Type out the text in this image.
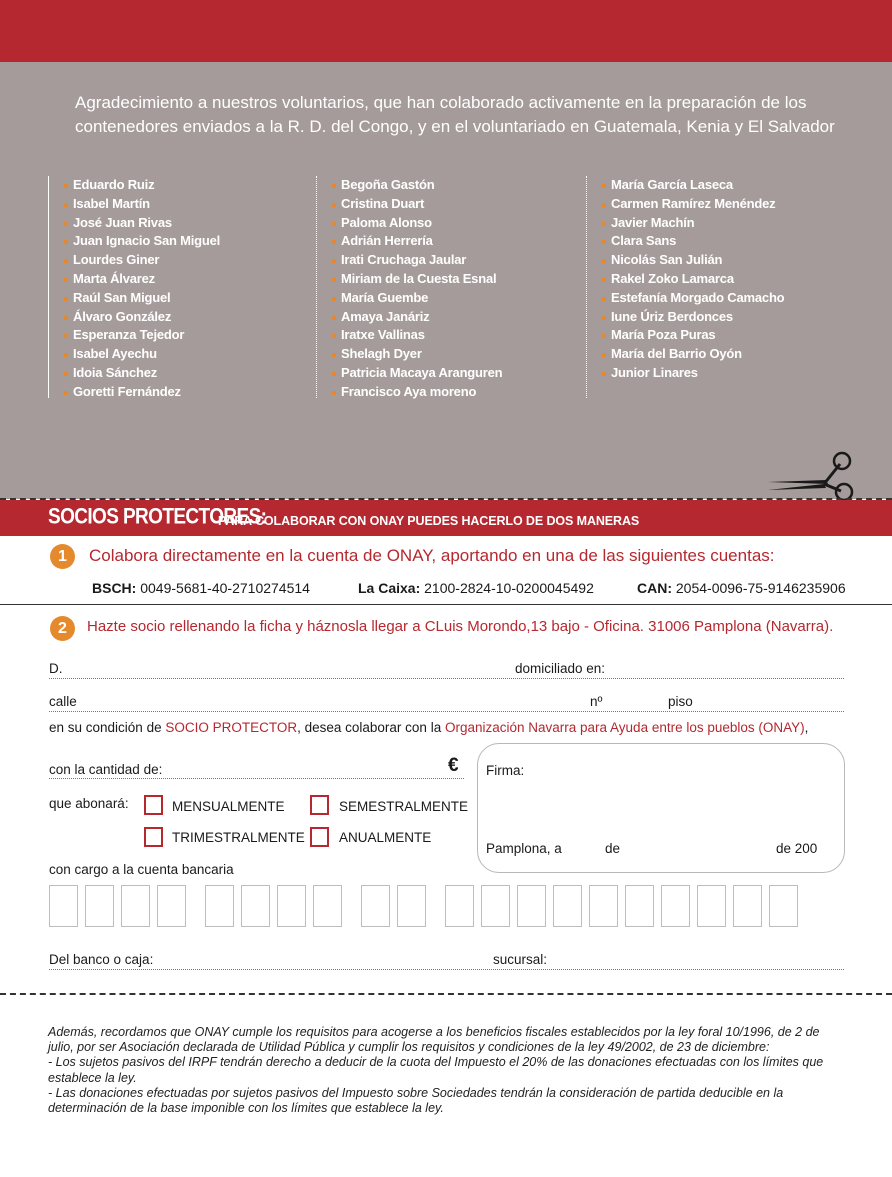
Agradecimiento a nuestros voluntarios, que han colaborado activamente en la preparación de los contenedores enviados a la R. D. del Congo, y en el voluntariado en Guatemala, Kenia y El Salvador
Eduardo Ruiz
Isabel Martín
José Juan Rivas
Juan Ignacio San Miguel
Lourdes Giner
Marta Álvarez
Raúl San Miguel
Álvaro González
Esperanza Tejedor
Isabel Ayechu
Idoia Sánchez
Goretti Fernández
Begoña Gastón
Cristina Duart
Paloma Alonso
Adrián Herrería
Irati Cruchaga Jaular
Miriam de la Cuesta Esnal
María Guembe
Amaya Janáriz
Iratxe Vallinas
Shelagh Dyer
Patricia Macaya Aranguren
Francisco Aya moreno
María García Laseca
Carmen Ramírez Menéndez
Javier Machín
Clara Sans
Nicolás San Julián
Rakel Zoko Lamarca
Estefanía Morgado Camacho
Iune Úriz Berdonces
María Poza Puras
María del Barrio Oyón
Junior Linares
SOCIOS PROTECTORES:
PARA COLABORAR CON ONAY PUEDES HACERLO DE DOS MANERAS
1	Colabora directamente en la cuenta de ONAY, aportando en una de las siguientes cuentas:
BSCH: 0049-5681-40-2710274514	La Caixa: 2100-2824-10-0200045492	CAN: 2054-0096-75-9146235906
2	Hazte socio rellenando la ficha y háznosla llegar a CLuis Morondo,13 bajo - Oficina. 31006 Pamplona (Navarra).
D.	domiciliado en:
calle	nº	piso
en su condición de SOCIO PROTECTOR, desea colaborar con la Organización Navarra para Ayuda entre los pueblos (ONAY),
con la cantidad de:	€
que abonará:	MENSUALMENTE	SEMESTRALMENTE
TRIMESTRALMENTE	ANUALMENTE
Firma:
Pamplona, a	de	de 200
con cargo a la cuenta bancaria
Del banco o caja:	sucursal:

Además, recordamos que ONAY cumple los requisitos para acogerse a los beneficios fiscales establecidos por la ley foral 10/1996, de 2 de julio, por ser Asociación declarada de Utilidad Pública y cumplir los requisitos y condiciones de la ley 49/2002, de 23 de diciembre:

- Los sujetos pasivos del IRPF tendrán derecho a deducir de la cuota del Impuesto el 20% de las donaciones efectuadas con los límites que establece la ley.

- Las donaciones efectuadas por sujetos pasivos del Impuesto sobre Sociedades tendrán la consideración de partida deducible en la determinación de la base imponible con los límites que establece la ley.
